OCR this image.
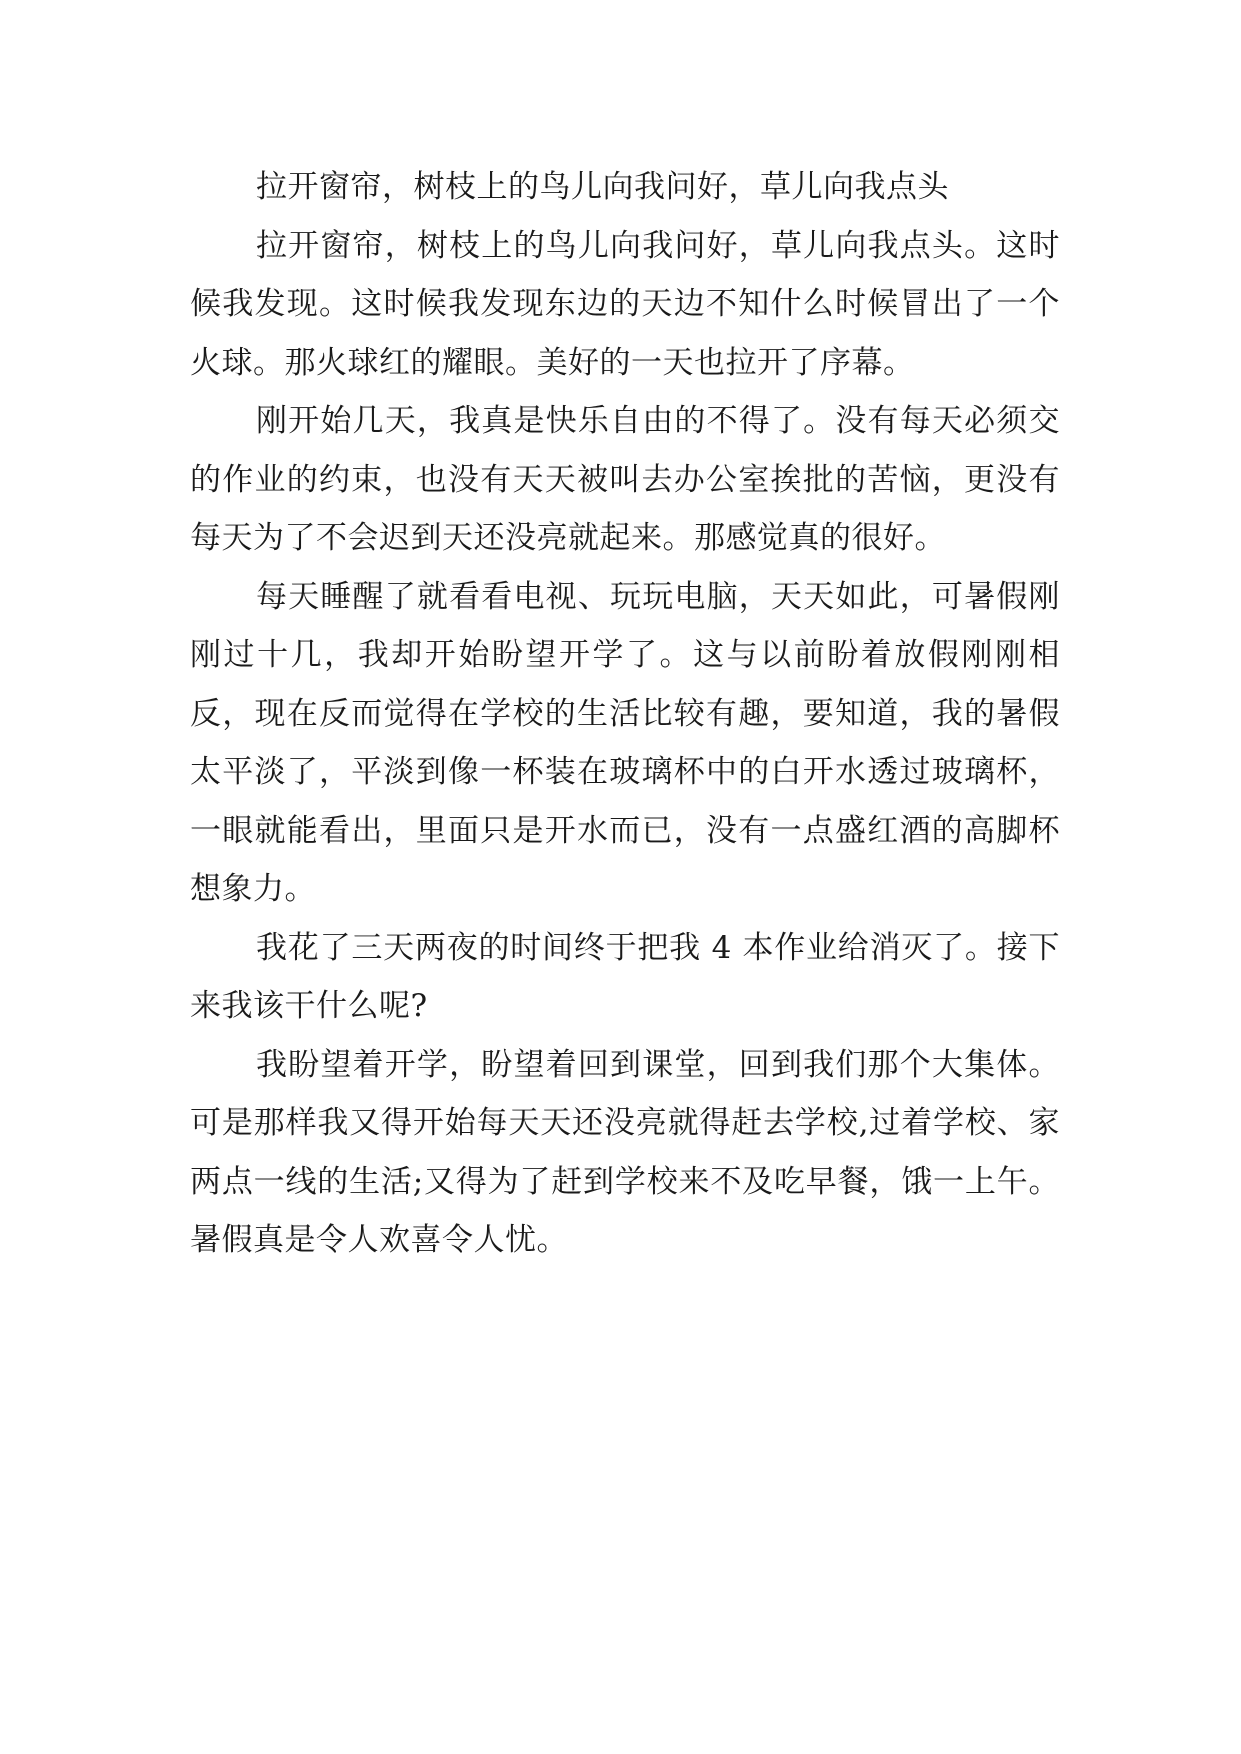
拉开窗帘，树枝上的鸟儿向我问好，草儿向我点头

拉开窗帘，树枝上的鸟儿向我问好，草儿向我点头。这时候我发现。这时候我发现东边的天边不知什么时候冒出了一个火球。那火球红的耀眼。美好的一天也拉开了序幕。

刚开始几天，我真是快乐自由的不得了。没有每天必须交的作业的约束，也没有天天被叫去办公室挨批的苦恼，更没有每天为了不会迟到天还没亮就起来。那感觉真的很好。

每天睡醒了就看看电视、玩玩电脑，天天如此，可暑假刚刚过十几，我却开始盼望开学了。这与以前盼着放假刚刚相反，现在反而觉得在学校的生活比较有趣，要知道，我的暑假太平淡了，平淡到像一杯装在玻璃杯中的白开水透过玻璃杯，一眼就能看出，里面只是开水而已，没有一点盛红酒的高脚杯想象力。

我花了三天两夜的时间终于把我 4 本作业给消灭了。接下来我该干什么呢?

我盼望着开学，盼望着回到课堂，回到我们那个大集体。可是那样我又得开始每天天还没亮就得赶去学校,过着学校、家两点一线的生活;又得为了赶到学校来不及吃早餐，饿一上午。暑假真是令人欢喜令人忧。
